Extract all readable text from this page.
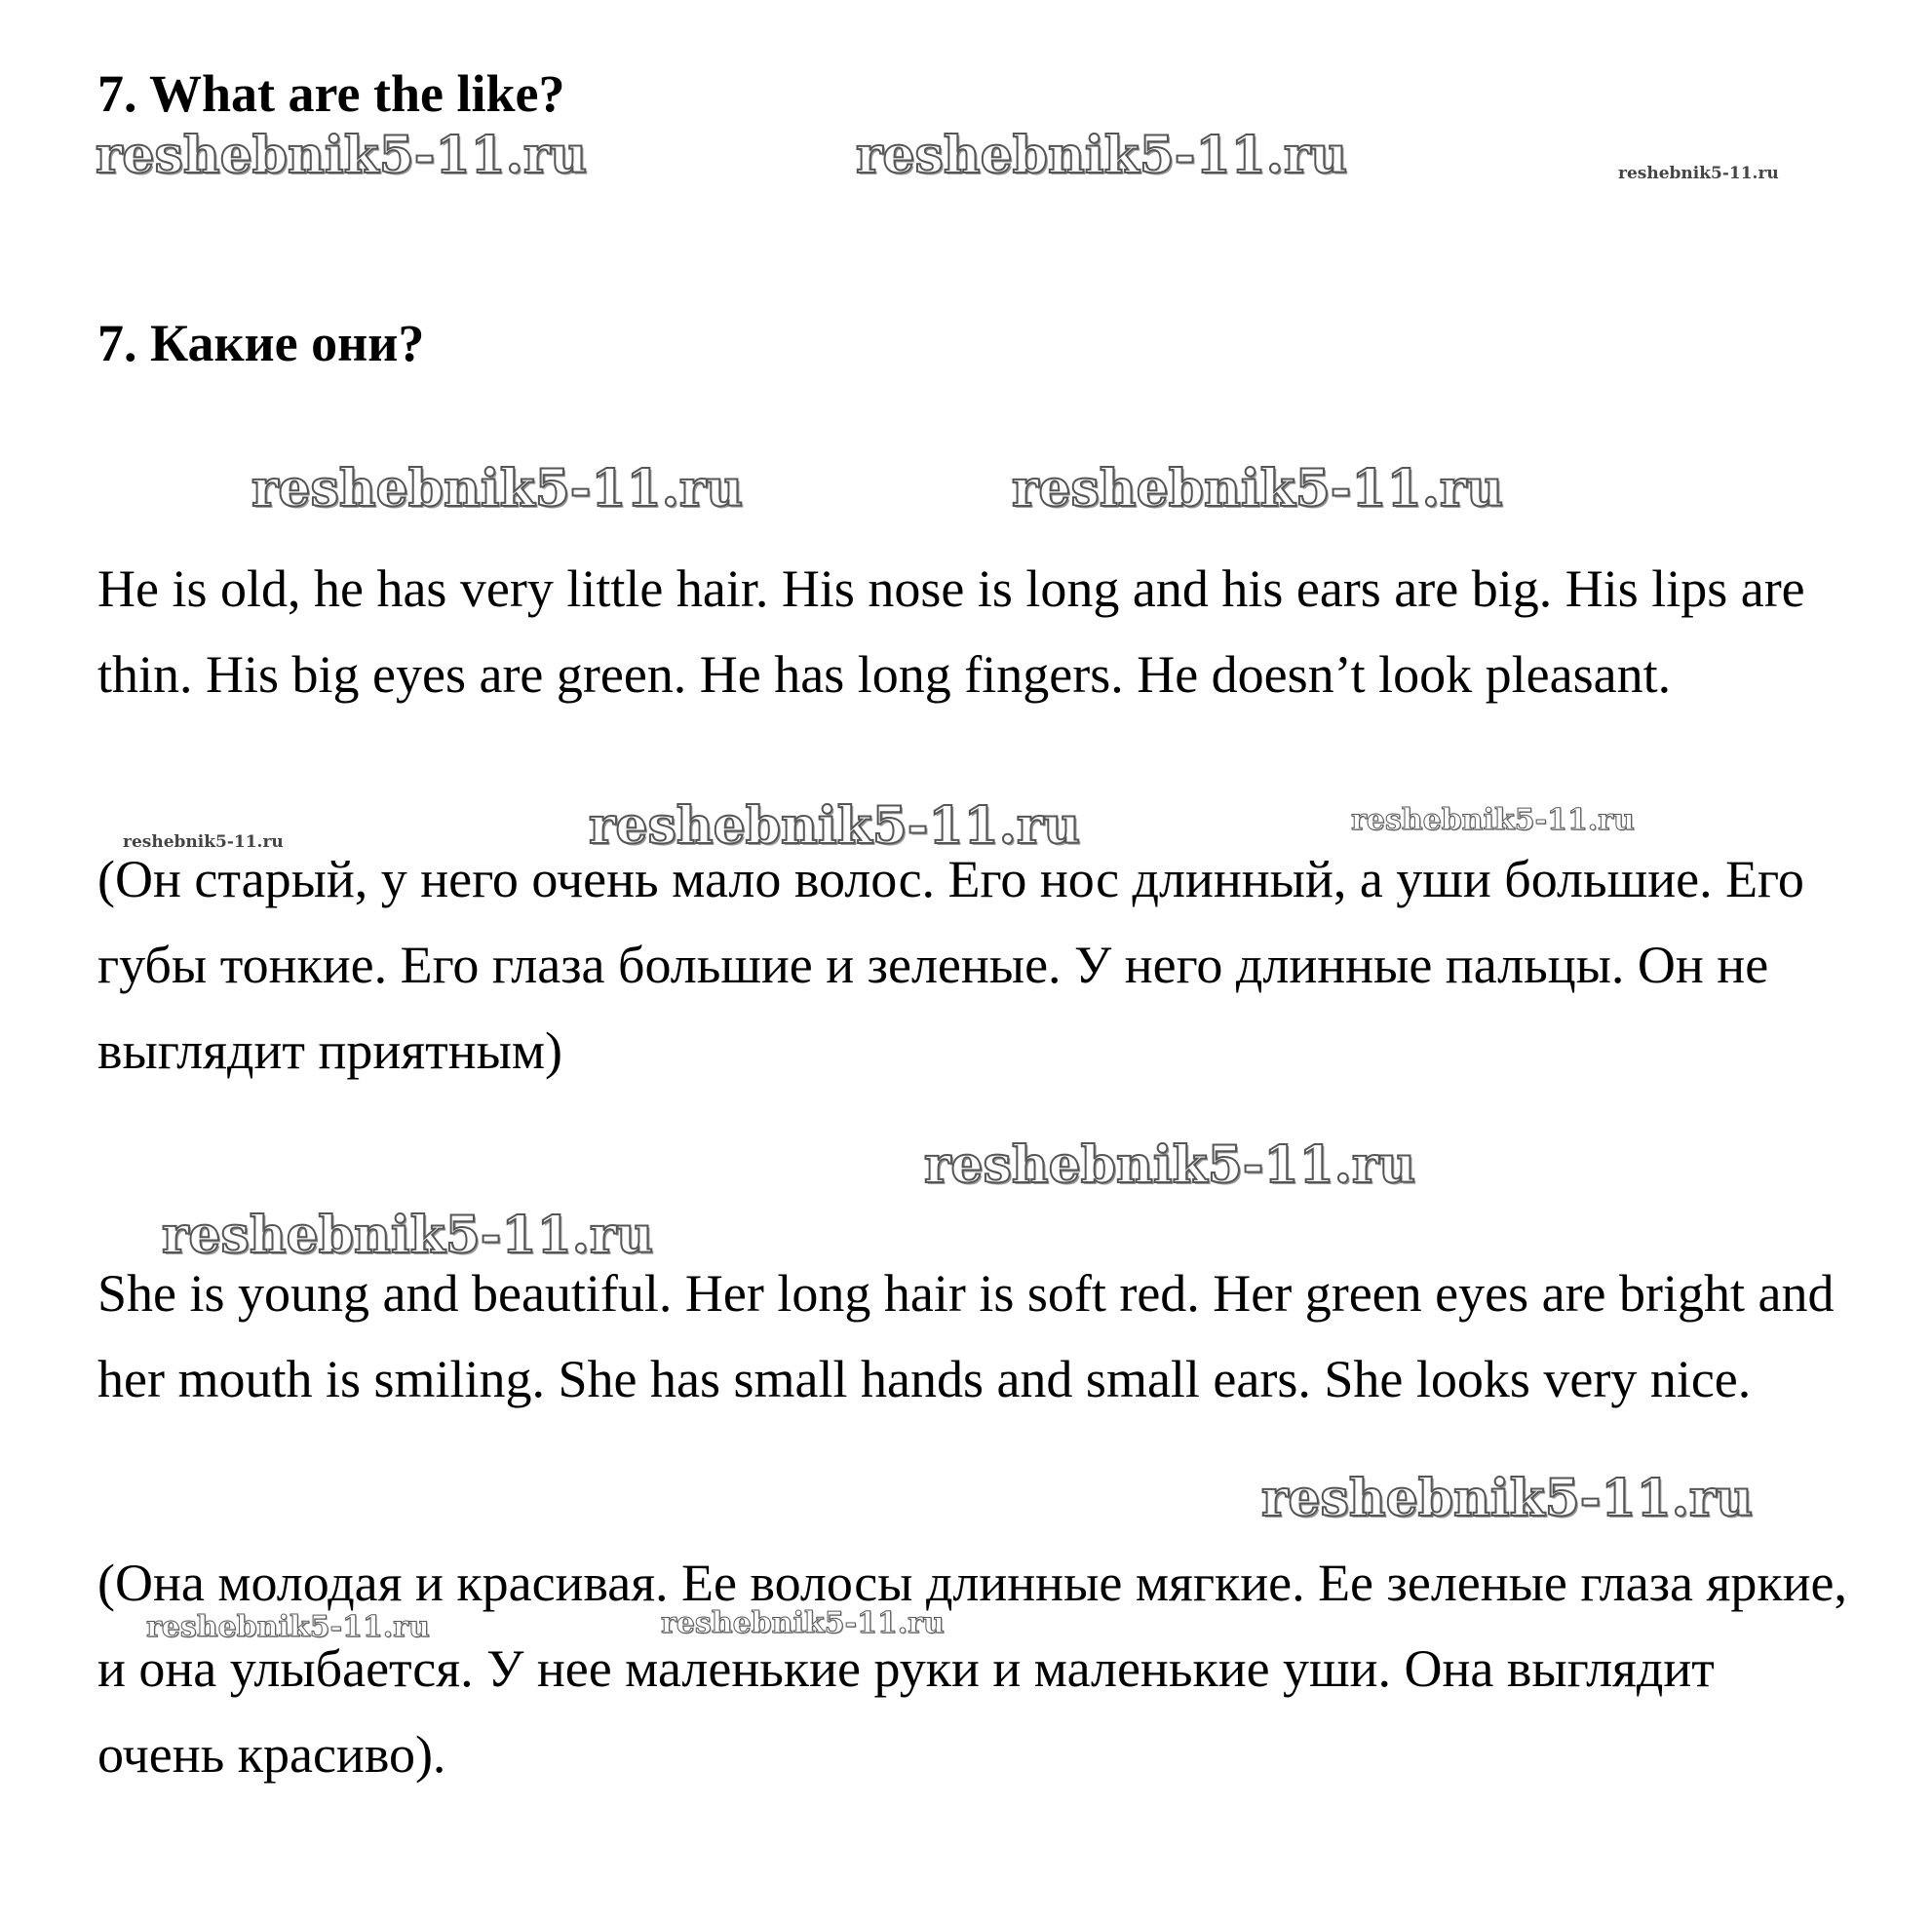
7. What are the like?
7. Какие они?

He is old, he has very little hair. His nose is long and his ears are big. His lips are thin. His big eyes are green. He has long fingers. He doesn’t look pleasant.

(Он старый, у него очень мало волос. Его нос длинный, а уши большие. Его губы тонкие. Его глаза большие и зеленые. У него длинные пальцы. Он не выглядит приятным)

She is young and beautiful. Her long hair is soft red. Her green eyes are bright and her mouth is smiling. She has small hands and small ears. She looks very nice.

(Она молодая и красивая. Ее волосы длинные мягкие. Ее зеленые глаза яркие, и она улыбается. У нее маленькие руки и маленькие уши. Она выглядит очень красиво).

reshebnik5-11.ru	reshebnik5-11.ru	reshebnik5-11.ru
reshebnik5-11.ru	reshebnik5-11.ru
reshebnik5-11.ru	reshebnik5-11.ru	reshebnik5-11.ru
reshebnik5-11.ru
reshebnik5-11.ru
reshebnik5-11.ru
reshebnik5-11.ru	reshebnik5-11.ru
